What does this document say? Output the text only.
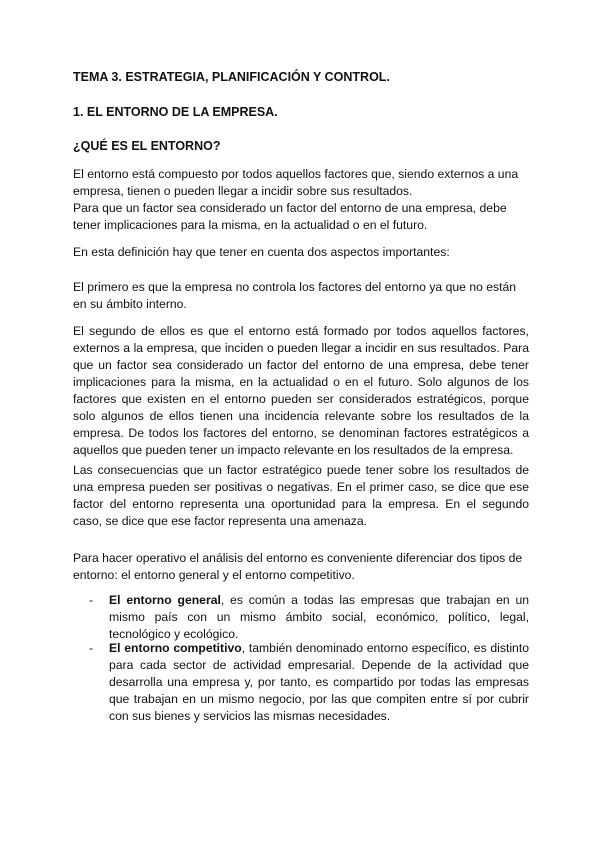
TEMA 3. ESTRATEGIA, PLANIFICACIÓN Y CONTROL.
1. EL ENTORNO DE LA EMPRESA.
¿QUÉ ES EL ENTORNO?
El entorno está compuesto por todos aquellos factores que, siendo externos a una empresa, tienen o pueden llegar a incidir sobre sus resultados.
Para que un factor sea considerado un factor del entorno de una empresa, debe tener implicaciones para la misma, en la actualidad o en el futuro.

En esta definición hay que tener en cuenta dos aspectos importantes:

El primero es que la empresa no controla los factores del entorno ya que no están en su ámbito interno.

El segundo de ellos es que el entorno está formado por todos aquellos factores, externos a la empresa, que inciden o pueden llegar a incidir en sus resultados. Para que un factor sea considerado un factor del entorno de una empresa, debe tener implicaciones para la misma, en la actualidad o en el futuro. Solo algunos de los factores que existen en el entorno pueden ser considerados estratégicos, porque solo algunos de ellos tienen una incidencia relevante sobre los resultados de la empresa. De todos los factores del entorno, se denominan factores estratégicos a aquellos que pueden tener un impacto relevante en los resultados de la empresa.

Las consecuencias que un factor estratégico puede tener sobre los resultados de una empresa pueden ser positivas o negativas. En el primer caso, se dice que ese factor del entorno representa una oportunidad para la empresa. En el segundo caso, se dice que ese factor representa una amenaza.

Para hacer operativo el análisis del entorno es conveniente diferenciar dos tipos de entorno: el entorno general y el entorno competitivo.

- El entorno general, es común a todas las empresas que trabajan en un mismo país con un mismo ámbito social, económico, político, legal, tecnológico y ecológico.
- El entorno competitivo, también denominado entorno específico, es distinto para cada sector de actividad empresarial. Depende de la actividad que desarrolla una empresa y, por tanto, es compartido por todas las empresas que trabajan en un mismo negocio, por las que compiten entre sí por cubrir con sus bienes y servicios las mismas necesidades.
